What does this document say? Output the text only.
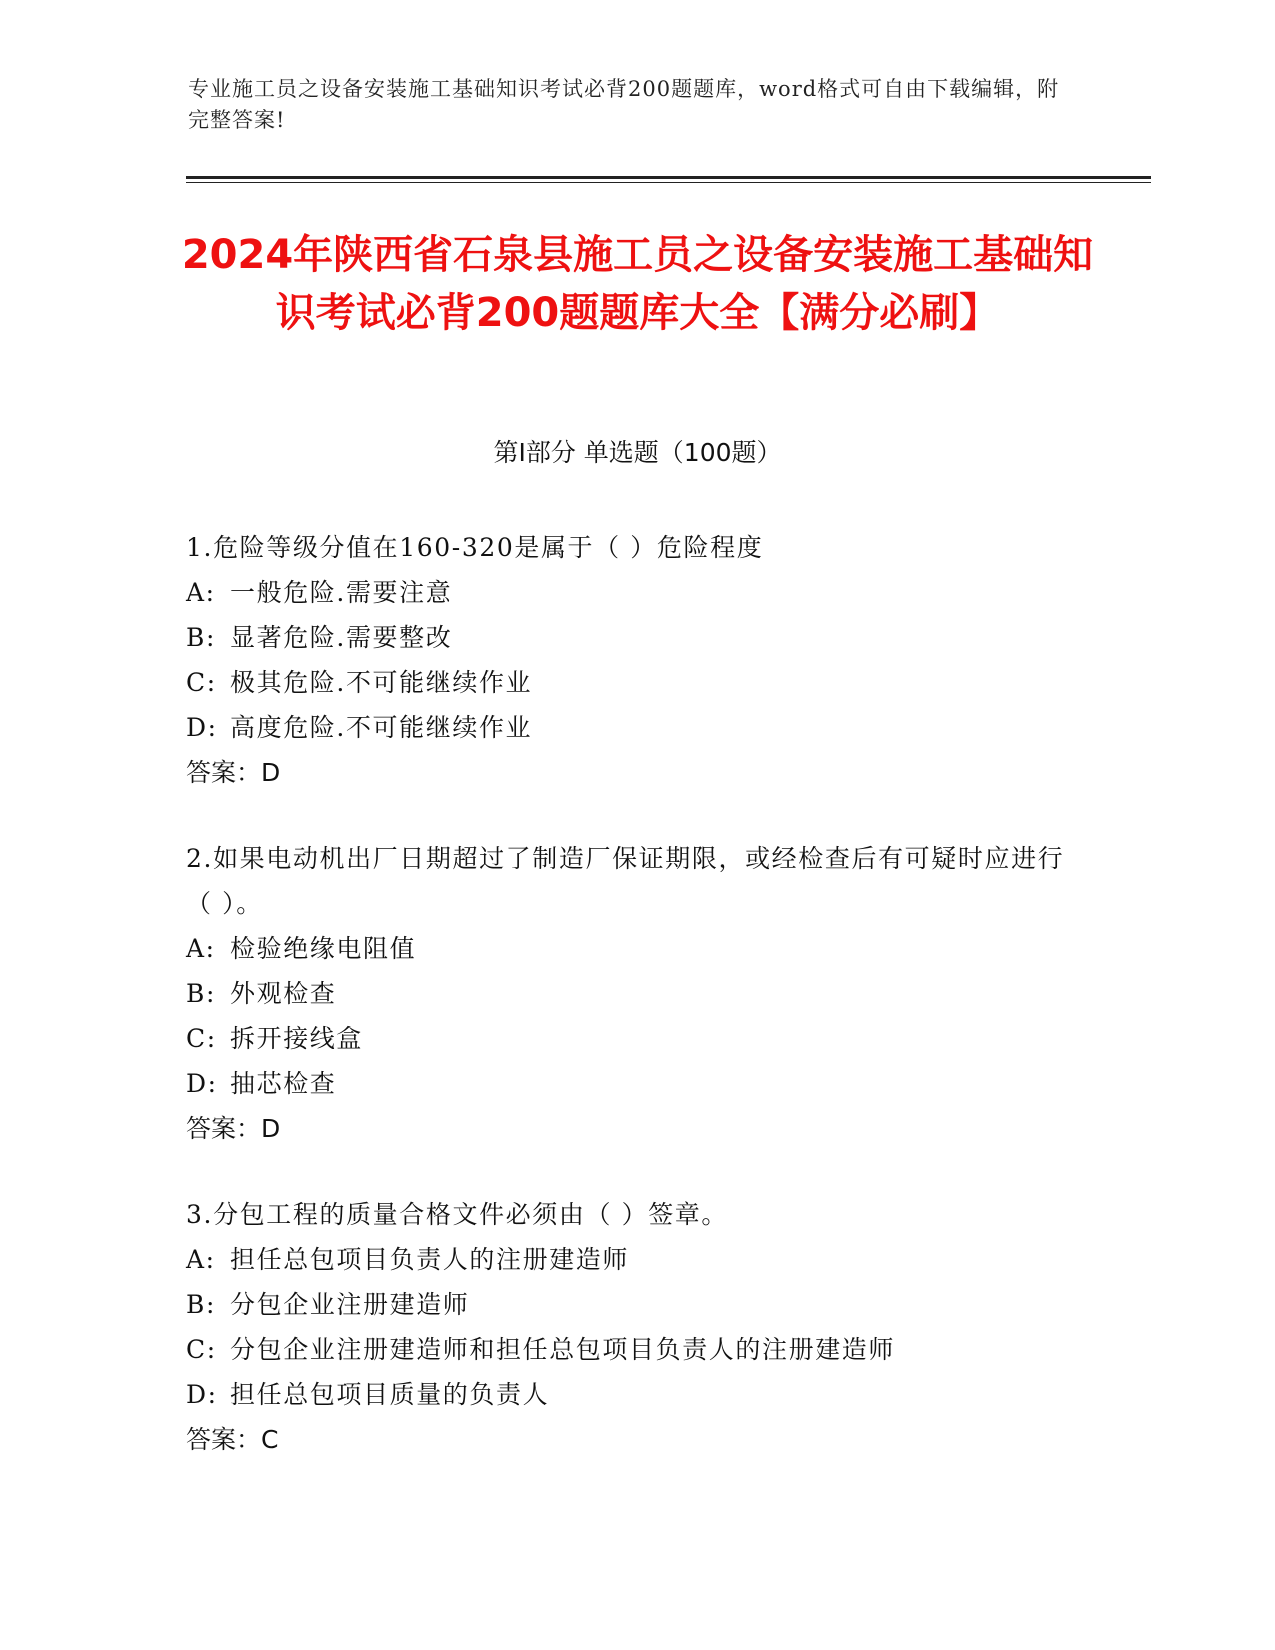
专业施工员之设备安装施工基础知识考试必背200题题库，word格式可自由下载编辑，附完整答案!
2024年陕西省石泉县施工员之设备安装施工基础知识考试必背200题题库大全【满分必刷】
第I部分 单选题（100题）
1.危险等级分值在160-320是属于（ ）危险程度
A: 一般危险.需要注意
B: 显著危险.需要整改
C: 极其危险.不可能继续作业
D: 高度危险.不可能继续作业
答案：D
2.如果电动机出厂日期超过了制造厂保证期限，或经检查后有可疑时应进行（ ）。
A: 检验绝缘电阻值
B: 外观检查
C: 拆开接线盒
D: 抽芯检查
答案：D
3.分包工程的质量合格文件必须由（ ）签章。
A: 担任总包项目负责人的注册建造师
B: 分包企业注册建造师
C: 分包企业注册建造师和担任总包项目负责人的注册建造师
D: 担任总包项目质量的负责人
答案：C
